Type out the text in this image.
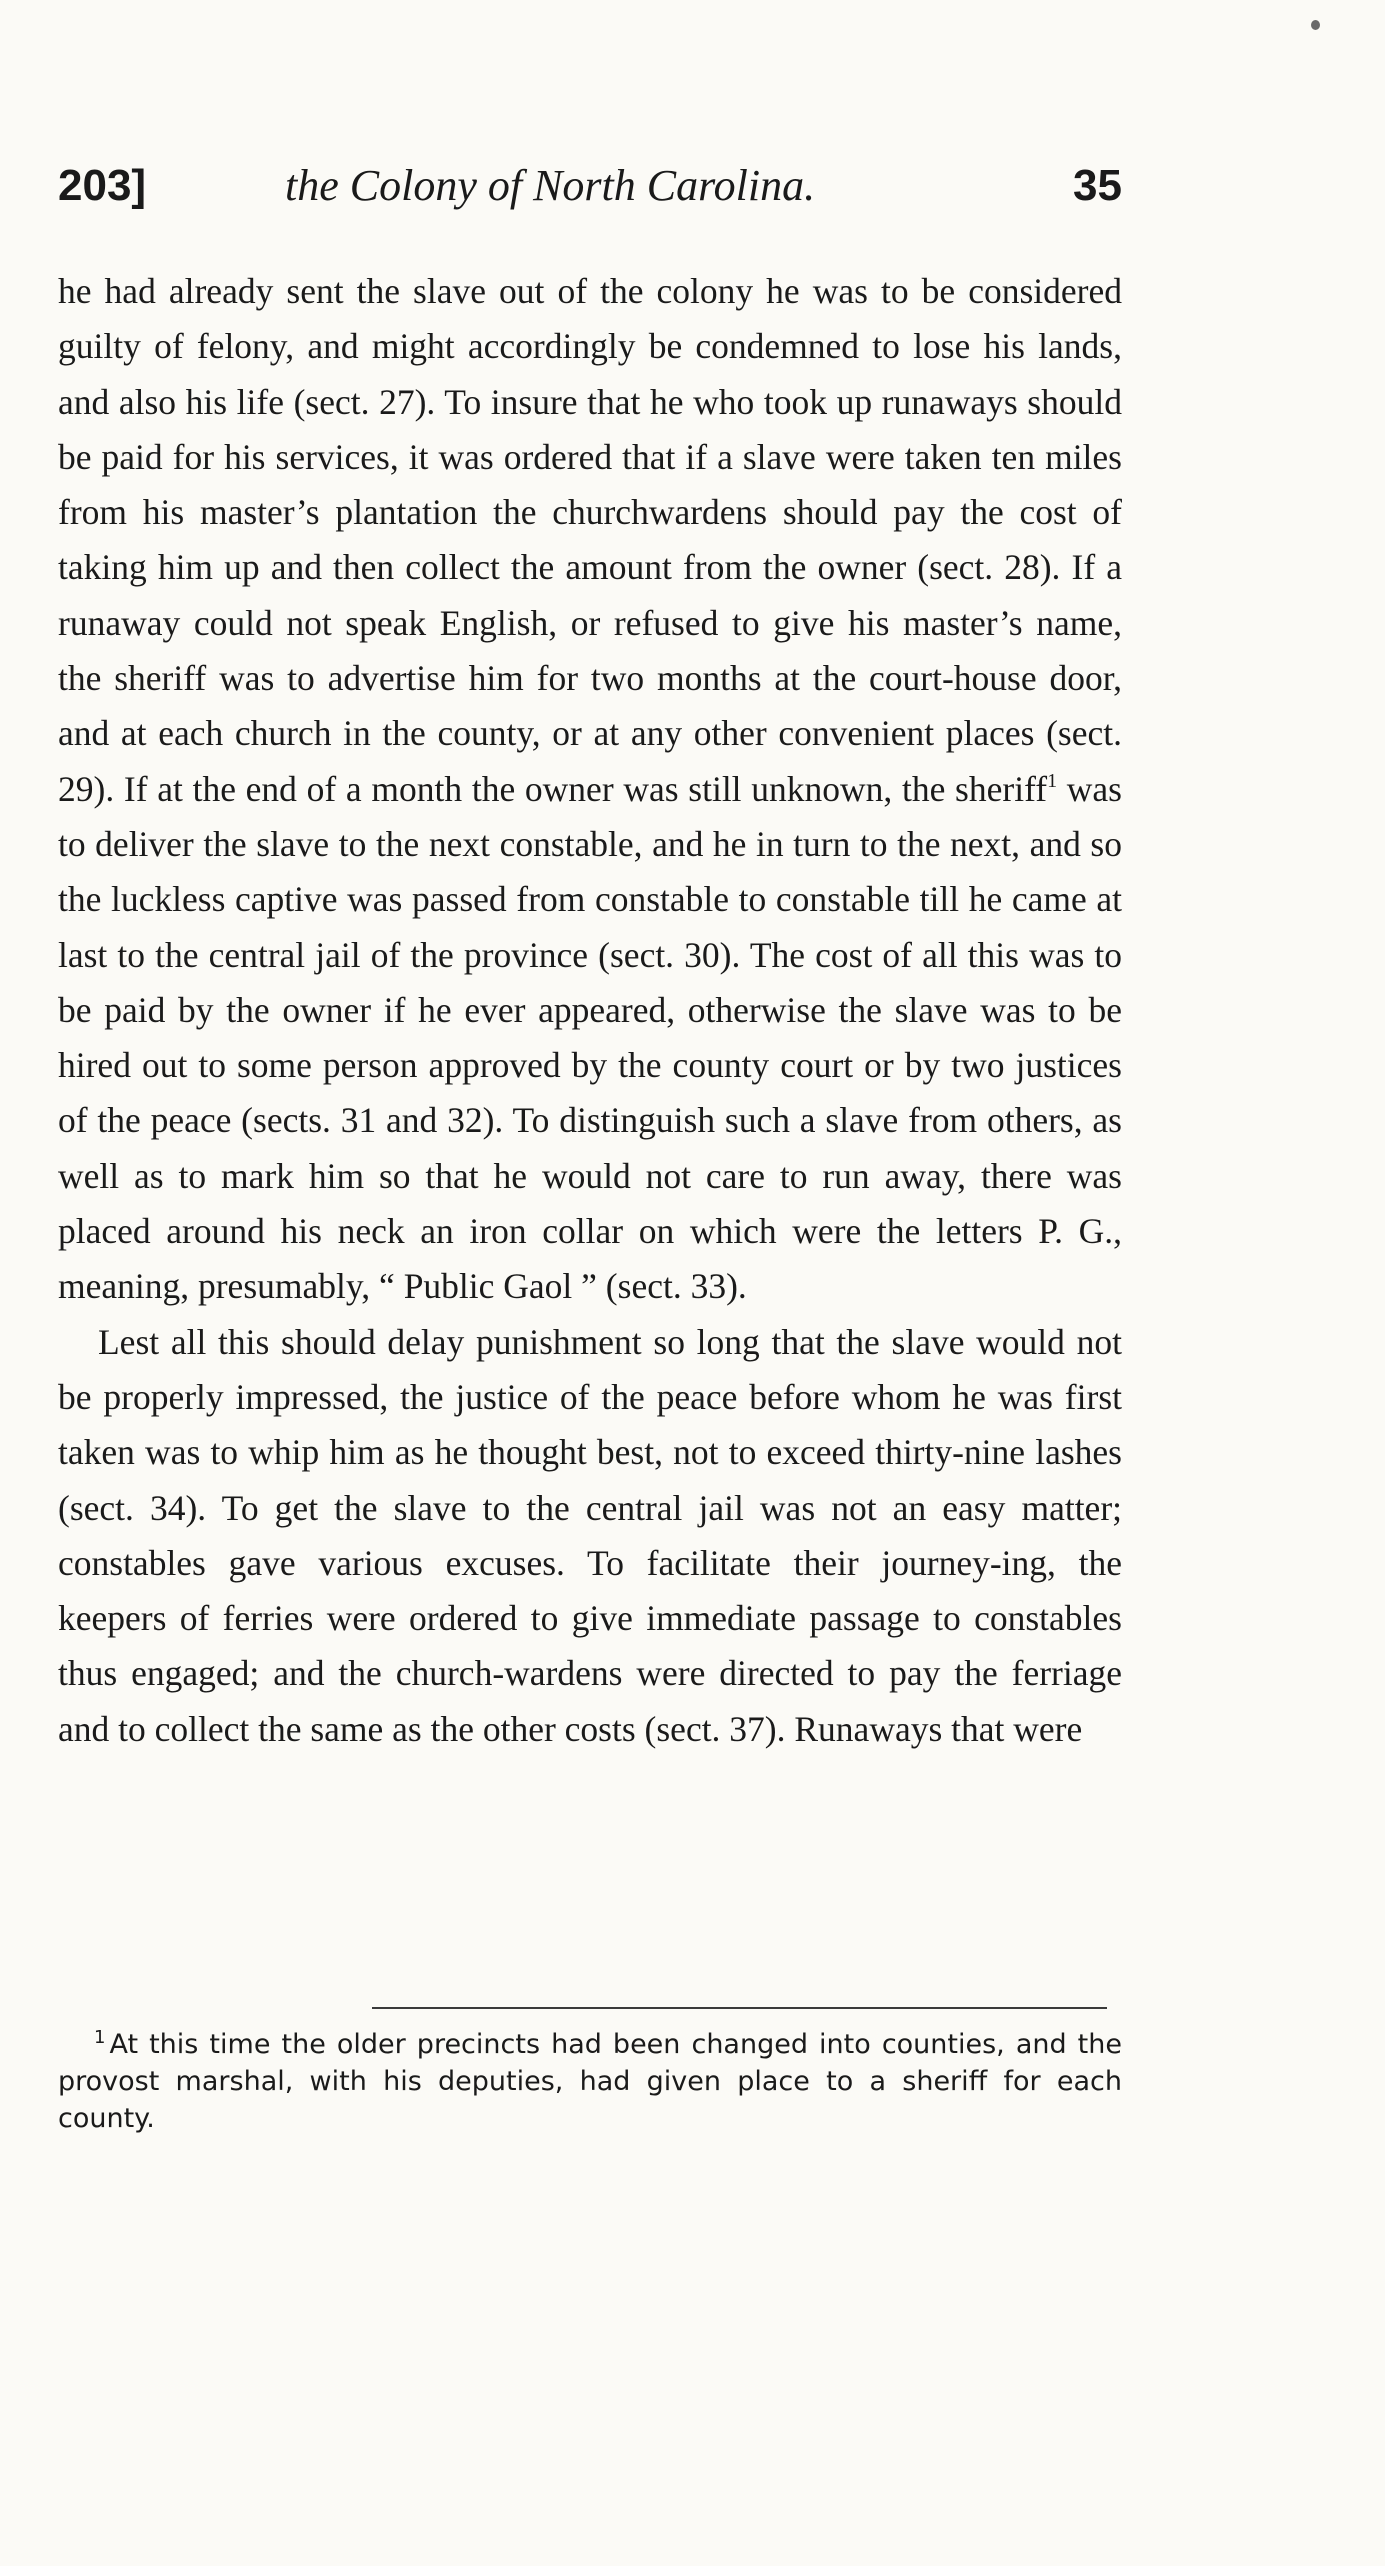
203]	the Colony of North Carolina.	35

he had already sent the slave out of the colony he was to be considered guilty of felony, and might accordingly be condemned to lose his lands, and also his life (sect. 27). To insure that he who took up runaways should be paid for his services, it was ordered that if a slave were taken ten miles from his master’s plantation the churchwardens should pay the cost of taking him up and then collect the amount from the owner (sect. 28). If a runaway could not speak English, or refused to give his master’s name, the sheriff was to advertise him for two months at the court-house door, and at each church in the county, or at any other convenient places (sect. 29). If at the end of a month the owner was still unknown, the sheriff$^1$ was to deliver the slave to the next constable, and he in turn to the next, and so the luckless captive was passed from constable to constable till he came at last to the central jail of the province (sect. 30). The cost of all this was to be paid by the owner if he ever appeared, otherwise the slave was to be hired out to some person approved by the county court or by two justices of the peace (sects. 31 and 32). To distinguish such a slave from others, as well as to mark him so that he would not care to run away, there was placed around his neck an iron collar on which were the letters P. G., meaning, presumably, “ Public Gaol ” (sect. 33).

Lest all this should delay punishment so long that the slave would not be properly impressed, the justice of the peace before whom he was first taken was to whip him as he thought best, not to exceed thirty-nine lashes (sect. 34). To get the slave to the central jail was not an easy matter; constables gave various excuses. To facilitate their journey-ing, the keepers of ferries were ordered to give immediate passage to constables thus engaged; and the church-wardens were directed to pay the ferriage and to collect the same as the other costs (sect. 37). Runaways that were

$^1$ At this time the older precincts had been changed into counties, and the provost marshal, with his deputies, had given place to a sheriff for each county.
